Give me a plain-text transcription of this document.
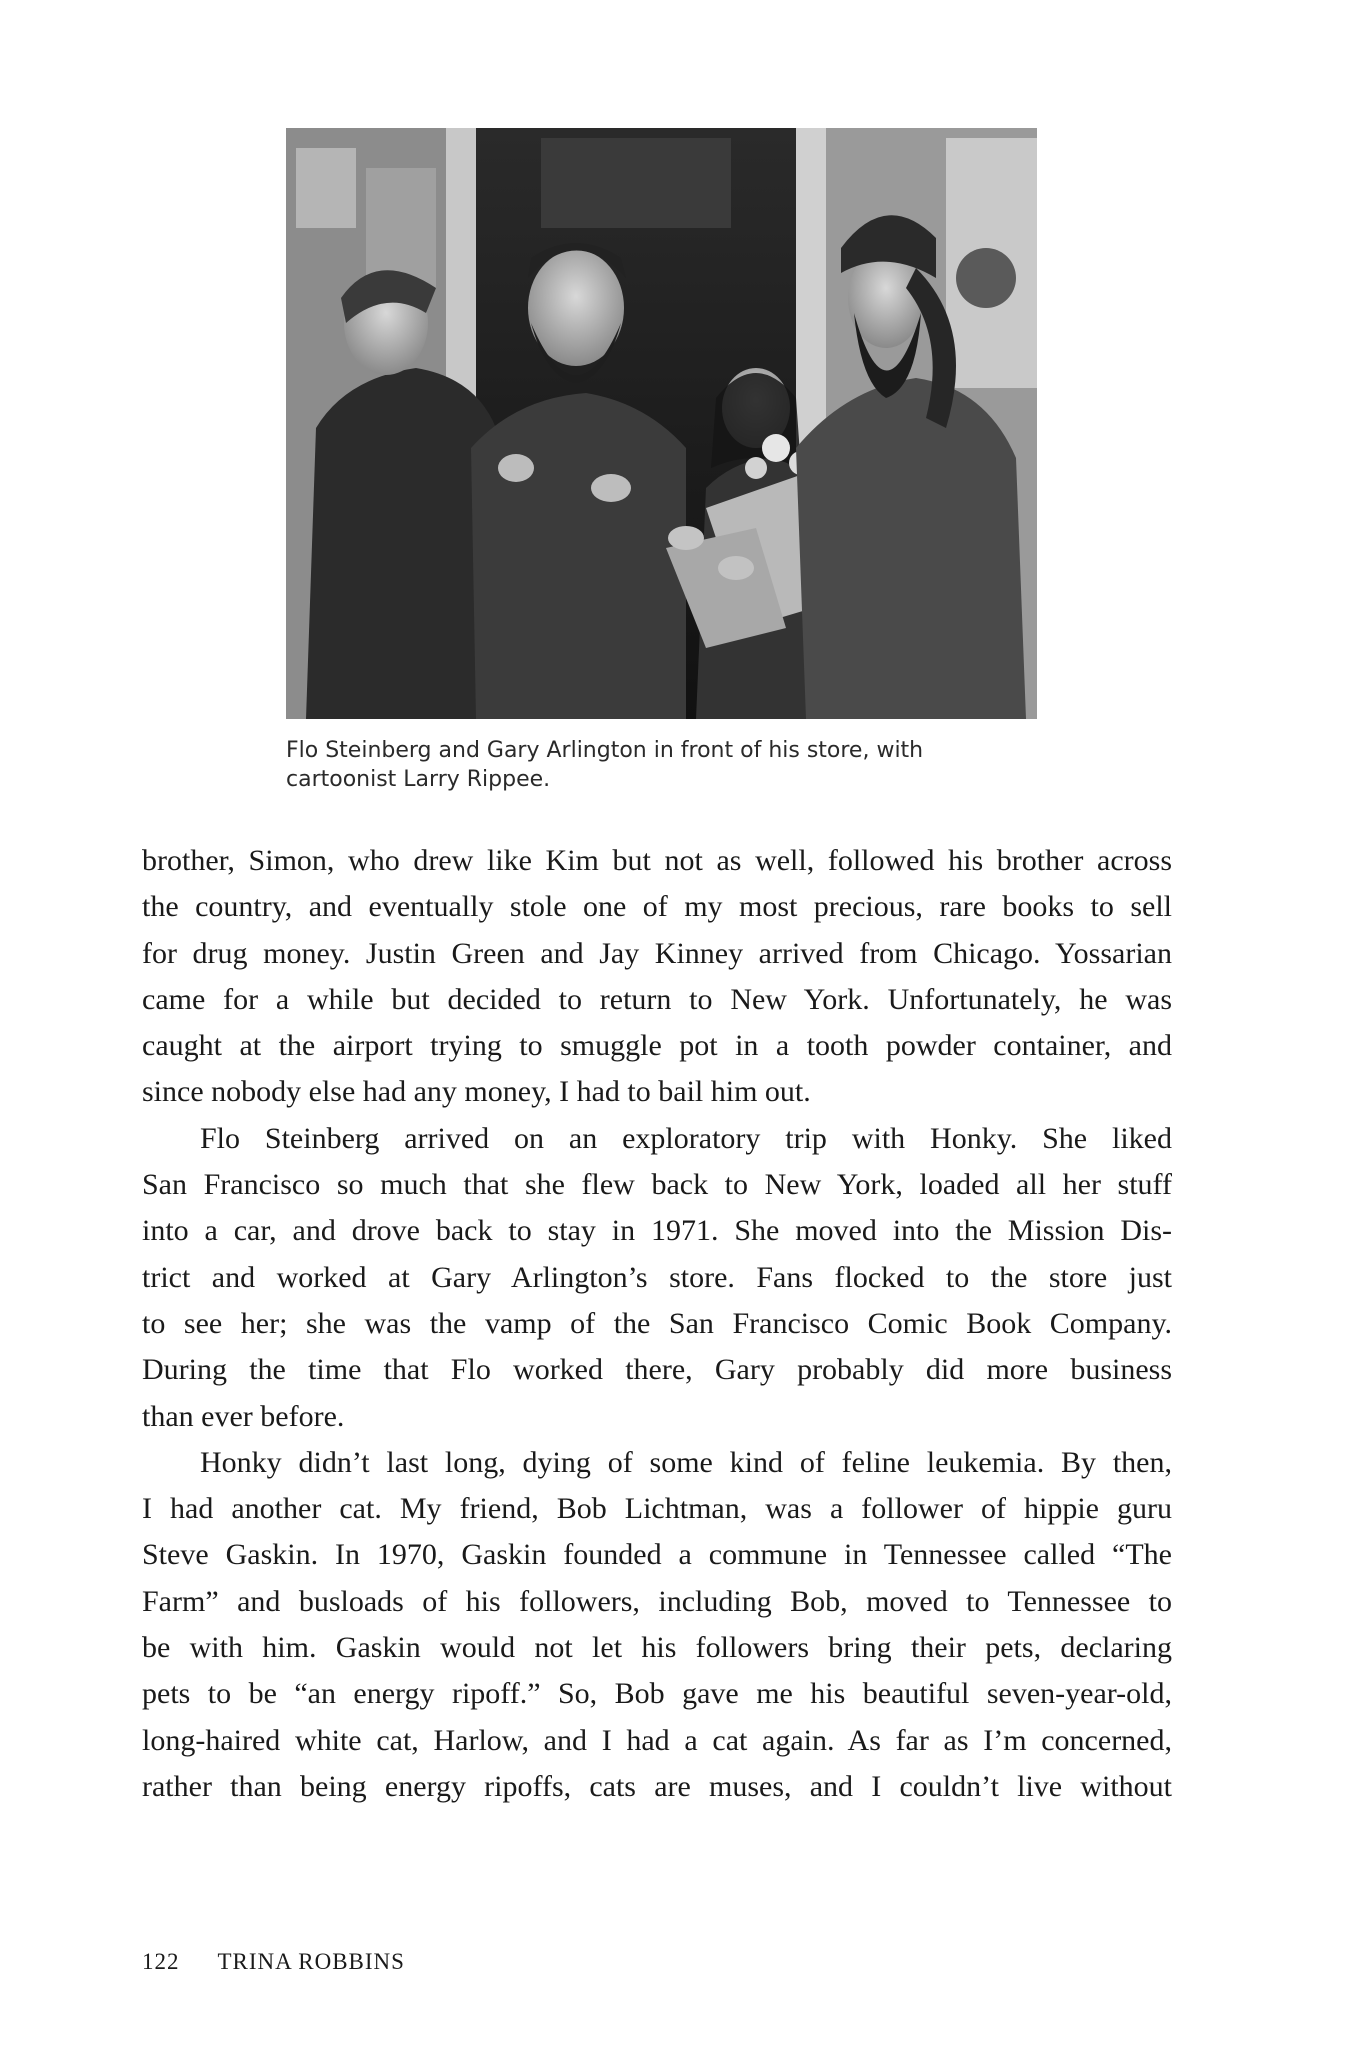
Flo Steinberg and Gary Arlington in front of his store, with
cartoonist Larry Rippee.

brother, Simon, who drew like Kim but not as well, followed his brother across
the country, and eventually stole one of my most precious, rare books to sell
for drug money. Justin Green and Jay Kinney arrived from Chicago. Yossarian
came for a while but decided to return to New York. Unfortunately, he was
caught at the airport trying to smuggle pot in a tooth powder container, and
since nobody else had any money, I had to bail him out.

Flo Steinberg arrived on an exploratory trip with Honky. She liked
San Francisco so much that she flew back to New York, loaded all her stuff
into a car, and drove back to stay in 1971. She moved into the Mission Dis-
trict and worked at Gary Arlington’s store. Fans flocked to the store just
to see her; she was the vamp of the San Francisco Comic Book Company.
During the time that Flo worked there, Gary probably did more business
than ever before.

Honky didn’t last long, dying of some kind of feline leukemia. By then,
I had another cat. My friend, Bob Lichtman, was a follower of hippie guru
Steve Gaskin. In 1970, Gaskin founded a commune in Tennessee called “The
Farm” and busloads of his followers, including Bob, moved to Tennessee to
be with him. Gaskin would not let his followers bring their pets, declaring
pets to be “an energy ripoff.” So, Bob gave me his beautiful seven-year-old,
long-haired white cat, Harlow, and I had a cat again. As far as I’m concerned,
rather than being energy ripoffs, cats are muses, and I couldn’t live without

122 TRINA ROBBINS
